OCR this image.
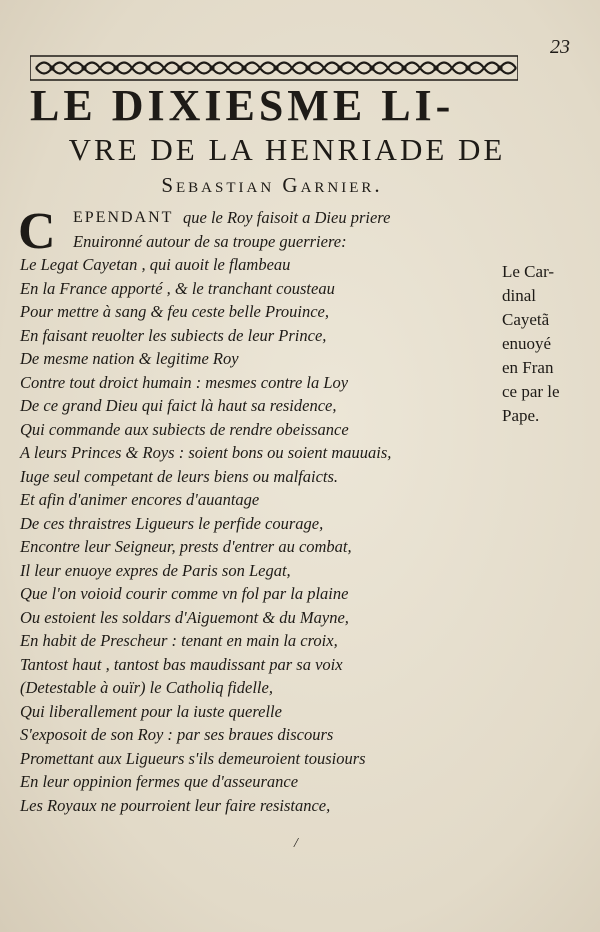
23
LE DIXIESME LI-
VRE DE LA HENRIADE DE
Sebastian Garnier.
C EPENDANT que le Roy faisoit a Dieu priere
Enuironné autour de sa troupe guerriere:
Le Legat Cayetan , qui auoit le flambeau
En la France apporté , & le tranchant cousteau
Pour mettre à sang & feu ceste belle Prouince,
En faisant reuolter les subiects de leur Prince,
De mesme nation & legitime Roy
Contre tout droict humain : mesmes contre la Loy
De ce grand Dieu qui faict là haut sa residence,
Qui commande aux subiects de rendre obeissance
A leurs Princes & Roys : soient bons ou soient mauuais,
Iuge seul competant de leurs biens ou malfaicts.
Et afin d'animer encores d'auantage
De ces thraistres Ligueurs le perfide courage,
Encontre leur Seigneur, prests d'entrer au combat,
Il leur enuoye expres de Paris son Legat,
Que l'on voioid courir comme vn fol par la plaine
Ou estoient les soldars d'Aiguemont & du Mayne,
En habit de Prescheur : tenant en main la croix,
Tantost haut , tantost bas maudissant par sa voix
(Detestable à ouïr) le Catholiq fidelle,
Qui liberallement pour la iuste querelle
S'exposoit de son Roy : par ses braues discours
Promettant aux Ligueurs s'ils demeuroient tousiours
En leur oppinion fermes que d'asseurance
Les Royaux ne pourroient leur faire resistance,
Le Car-
dinal
Cayetã
enuoyé
en Fran
ce par le
Pape.
/
